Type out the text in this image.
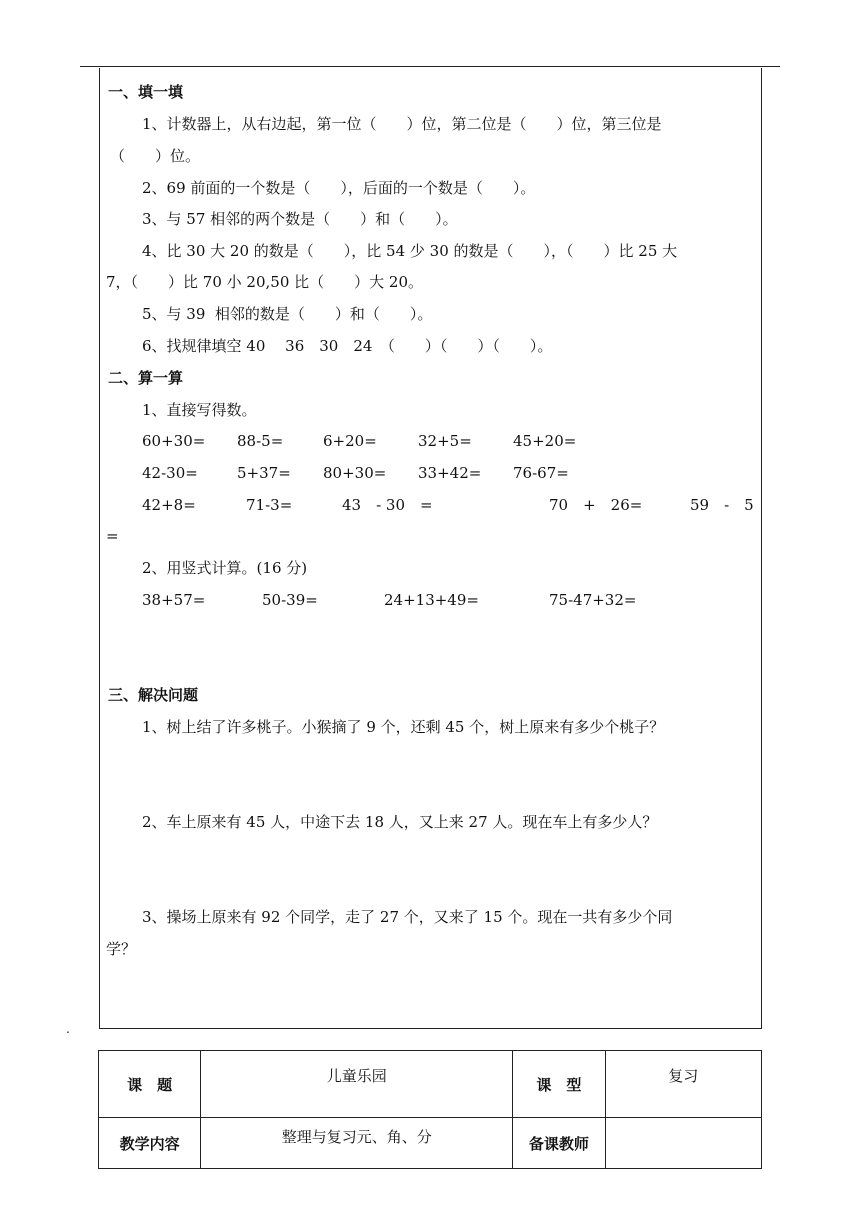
一、填一填
1、计数器上，从右边起，第一位（　　）位，第二位是（　　）位，第三位是
（　　）位。
2、69 前面的一个数是（　　），后面的一个数是（　　）。
3、与 57 相邻的两个数是（　　）和（　　）。
4、比 30 大 20 的数是（　　），比 54 少 30 的数是（　　），（　　）比 25 大
7，（　　）比 70 小 20,50 比（　　）大 20。
5、与 39  相邻的数是（　　）和（　　）。
6、找规律填空 40　 36　30　24　（　　）（　　）（　　）。
二、算一算
1、直接写得数。
60+30= 88-5=	6+20=	32+5=	45+20=
42-30=	5+37= 80+30= 33+42= 76-67=
42+8=	71-3=	43　- 30　=	70　+　26=	59　-　5
=
2、用竖式计算。(16 分)
38+57=	50-39=	24+13+49=	75-47+32=
三、解决问题
1、树上结了许多桃子。小猴摘了 9 个，还剩 45 个，树上原来有多少个桃子？
2、车上原来有 45 人，中途下去 18 人，又上来 27 人。现在车上有多少人？
3、操场上原来有 92 个同学，走了 27 个，又来了 15 个。现在一共有多少个同
学？
.
课　题	儿童乐园	课　型	复习
教学内容	整理与复习元、角、分	备课教师	
